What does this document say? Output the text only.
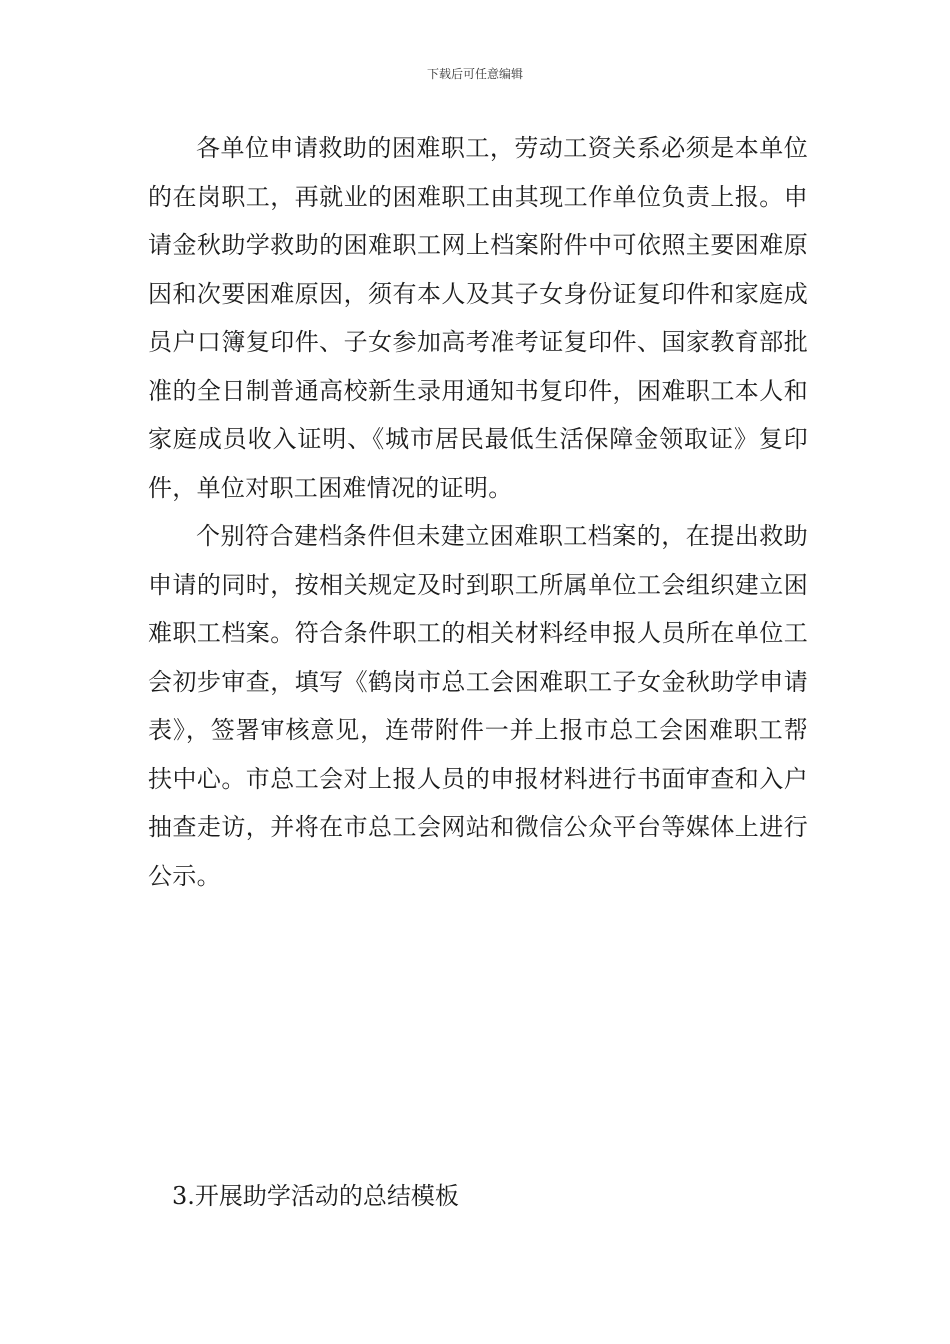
下载后可任意编辑

各单位申请救助的困难职工，劳动工资关系必须是本单位的在岗职工，再就业的困难职工由其现工作单位负责上报。申请金秋助学救助的困难职工网上档案附件中可依照主要困难原因和次要困难原因，须有本人及其子女身份证复印件和家庭成员户口簿复印件、子女参加高考准考证复印件、国家教育部批准的全日制普通高校新生录用通知书复印件，困难职工本人和家庭成员收入证明、《城市居民最低生活保障金领取证》复印件，单位对职工困难情况的证明。

个别符合建档条件但未建立困难职工档案的，在提出救助申请的同时，按相关规定及时到职工所属单位工会组织建立困难职工档案。符合条件职工的相关材料经申报人员所在单位工会初步审查，填写《鹤岗市总工会困难职工子女金秋助学申请表》，签署审核意见，连带附件一并上报市总工会困难职工帮扶中心。市总工会对上报人员的申报材料进行书面审查和入户抽查走访，并将在市总工会网站和微信公众平台等媒体上进行公示。

3.开展助学活动的总结模板
